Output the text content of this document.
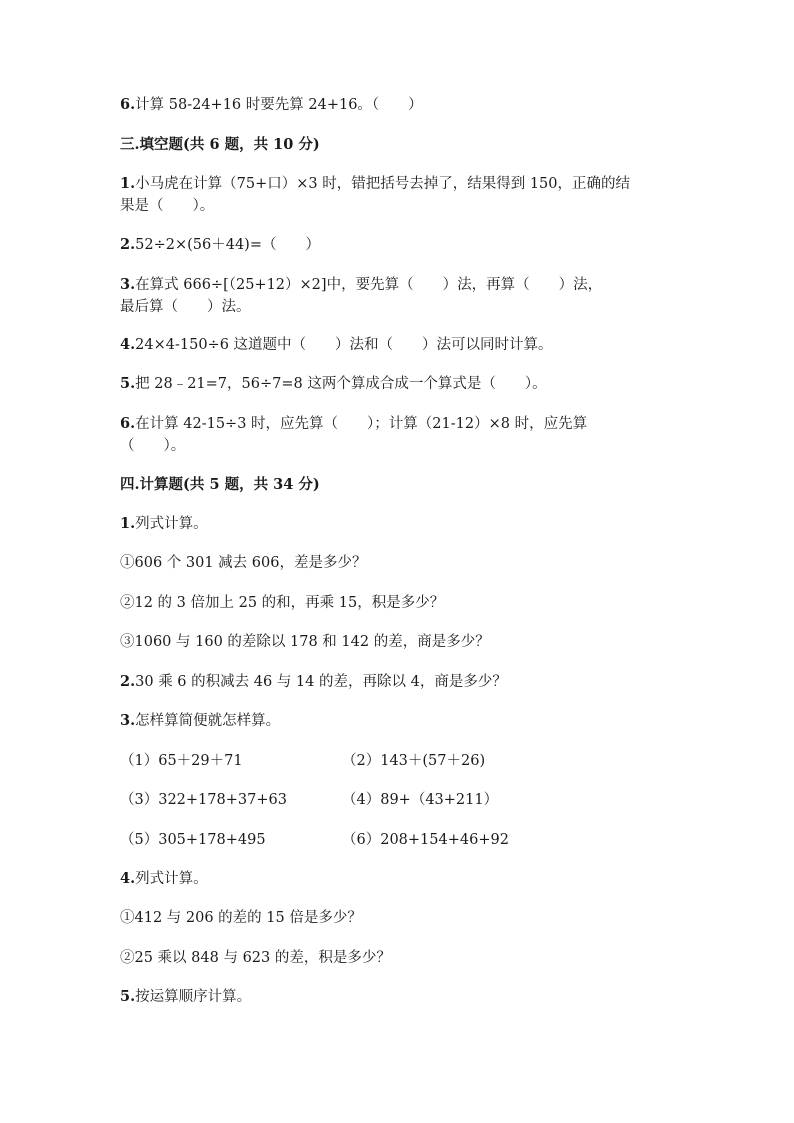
6.计算 58-24+16 时要先算 24+16。（　　）
三.填空题(共 6 题，共 10 分)
1.小马虎在计算（75+口）×3 时，错把括号去掉了，结果得到 150，正确的结
果是（　　）。
2.52÷2×(56＋44)=（　　）
3.在算式 666÷[（25+12）×2]中，要先算（　　）法，再算（　　）法，
最后算（　　）法。
4.24×4-150÷6 这道题中（　　）法和（　　）法可以同时计算。
5.把 28﹣21=7，56÷7=8 这两个算成合成一个算式是（　　）。
6.在计算 42-15÷3 时，应先算（　　）；计算（21-12）×8 时，应先算
（　　）。
四.计算题(共 5 题，共 34 分)
1.列式计算。
①606 个 301 减去 606，差是多少？
②12 的 3 倍加上 25 的和，再乘 15，积是多少？
③1060 与 160 的差除以 178 和 142 的差，商是多少？
2.30 乘 6 的积减去 46 与 14 的差，再除以 4，商是多少？
3.怎样算简便就怎样算。
（1）65＋29＋71	（2）143＋(57＋26)
（3）322+178+37+63	（4）89+（43+211）
（5）305+178+495	（6）208+154+46+92
4.列式计算。
①412 与 206 的差的 15 倍是多少？
②25 乘以 848 与 623 的差，积是多少？
5.按运算顺序计算。
